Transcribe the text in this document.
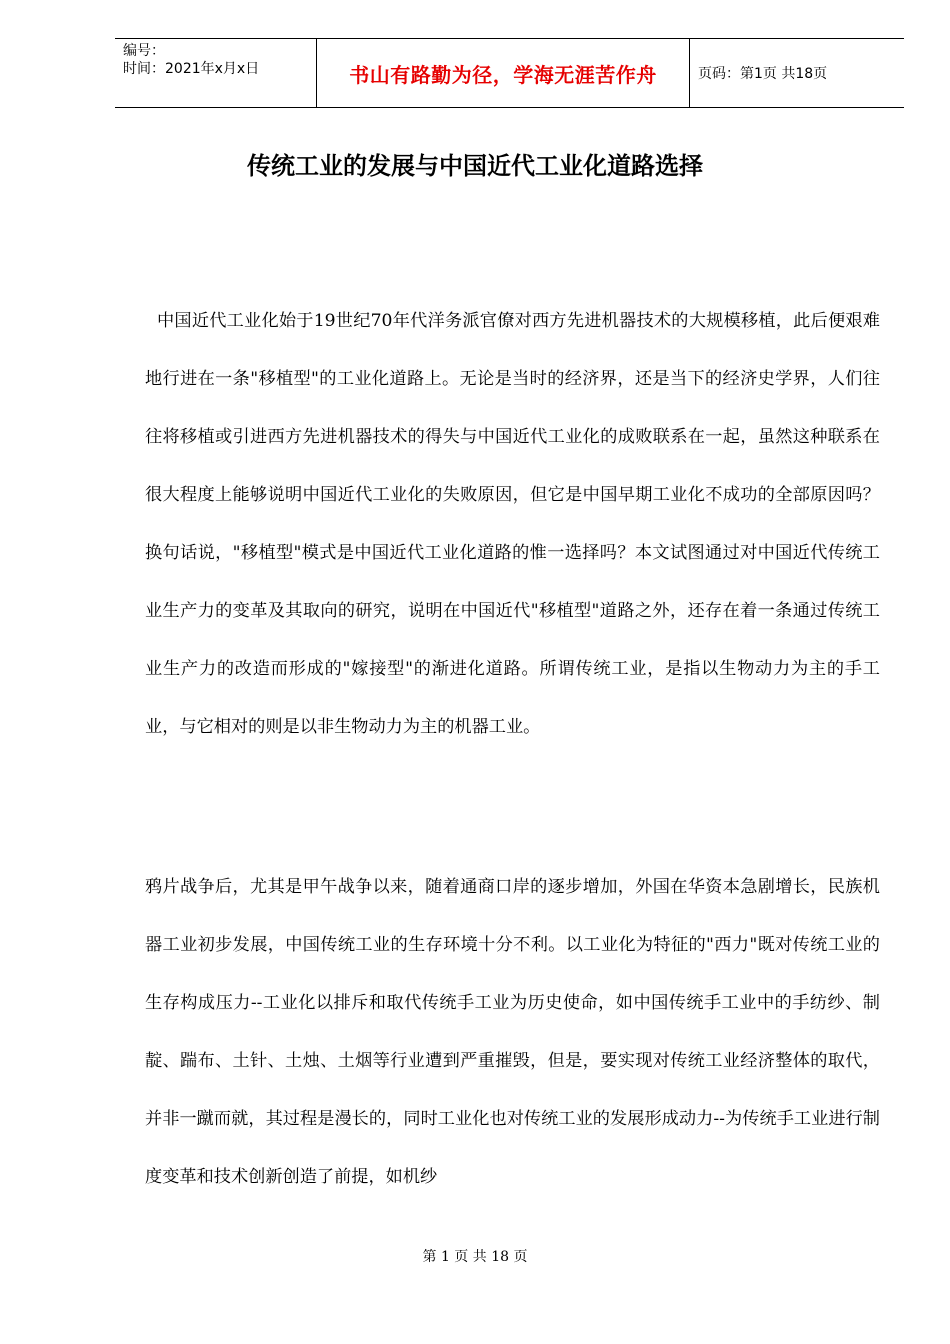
编号：
时间：2021年x月x日	书山有路勤为径，学海无涯苦作舟	页码：第1页 共18页
传统工业的发展与中国近代工业化道路选择

中国近代工业化始于19世纪70年代洋务派官僚对西方先进机器技术的大规模移植，此后便艰难地行进在一条"移植型"的工业化道路上。无论是当时的经济界，还是当下的经济史学界，人们往往将移植或引进西方先进机器技术的得失与中国近代工业化的成败联系在一起，虽然这种联系在很大程度上能够说明中国近代工业化的失败原因，但它是中国早期工业化不成功的全部原因吗？换句话说，"移植型"模式是中国近代工业化道路的惟一选择吗？本文试图通过对中国近代传统工业生产力的变革及其取向的研究，说明在中国近代"移植型"道路之外，还存在着一条通过传统工业生产力的改造而形成的"嫁接型"的渐进化道路。所谓传统工业，是指以生物动力为主的手工业，与它相对的则是以非生物动力为主的机器工业。

鸦片战争后，尤其是甲午战争以来，随着通商口岸的逐步增加，外国在华资本急剧增长，民族机器工业初步发展，中国传统工业的生存环境十分不利。以工业化为特征的"西力"既对传统工业的生存构成压力--工业化以排斥和取代传统手工业为历史使命，如中国传统手工业中的手纺纱、制靛、踹布、土针、土烛、土烟等行业遭到严重摧毁，但是，要实现对传统工业经济整体的取代，并非一蹴而就，其过程是漫长的，同时工业化也对传统工业的发展形成动力--为传统手工业进行制度变革和技术创新创造了前提，如机纱

第 1 页 共 18 页
